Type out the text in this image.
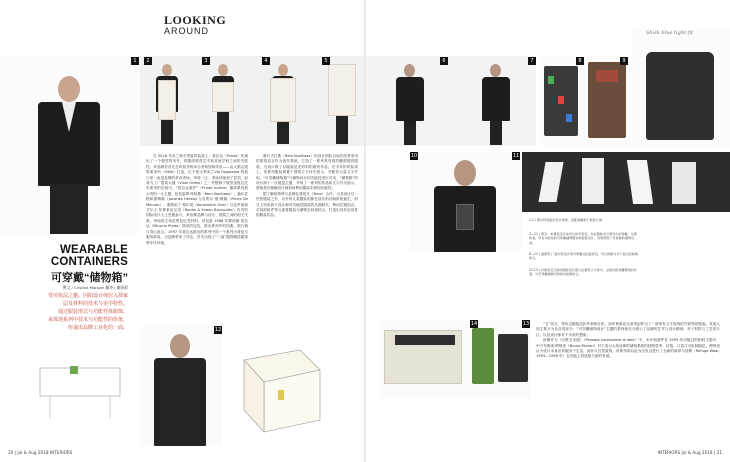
LOOKING
AROUND
1	2	3	4	5	6	7	8
Shisk blue tight-fit
9
10	11
12
13
14
WEARABLE
CONTAINERS
可穿戴“储物箱”
撰文 / Cristina Morozzi 翻译 / 谢丽群
受劳抚法之邀。因阳设计师居入揉家
层及材料的技术与美学特性。
通过服装形式与功能性体服饰，
来体现系列中技术与功能性的价值，
传递出品牌工业化的一面。

在 2018 年米兰秋冬男装时装周上，普拉达（Prada）传递出了一个强烈的讯号，即透面锥将艺术和其他学科之间的关联性。该品牌首首先在时装秀的举办者荷智和体验——由大都会建筑事务所（OMA）打造，位于意大利米兰Via Fogazzaro 的展厅里一直是品牌的常设秀场，华诺一区，秀场持续到了层顶，前身为工厂建筑大楼（Viale Ortles）之一并整修于展馆里组这艺术系列的空间中。“普拉达第护”（Prada Invites）邀请系列展示秀的一大主题，包括雷姆·库哈斯（Rem Koolhaas）、赫尔佐格和德梅隆（Jacques Herzog 与皮埃尔·德·梅隆（Pierre De Meuron）、康斯坦丁·格尔契（Konstantin Grcic）以及罗南和艾尔文·布鲁莱克兄弟（Ronan & Erwan Bouroullec）在内的国际设计人士受邀参与，来诠释品牌与设计、建筑之间的相关关系。秀场的主角是黑色尼龙材料，该包是 1988 年缪西娅·普拉达（Miuccia Prada）简单的包包，推出系列中的经典，旅行箱与背心组合。1997 年普拉达推出的系列中的一个系列为背包与服饰套装，为品牌带来了冲击，首次出现了“二战”服饰精选服饰等年代风格。

康尔古拉斯（Rem Koolhaas）的设计团队以他们经常采用的建筑语言作为创作基础，打造了一系列具有强烈雕塑感的服装；为设计做了以服装尼龙材料的系列作品。在今年的时装周上，该系列服装被置于建筑立方体中展示，并配有大量文字介绍。“可穿戴储物箱”与储物设计的功能性进行对话，“储物箱”的设计源于一次展览主题，并用了一系列的作品和文字作为展示，帮助我们理解设计师如何利用服装来展现功能性。

据了解哈特塔与品牌在康是凡（Bron）合作，为其设计过一件张服装之外，另外的几款服装则都在设计的初始阶段诞生，形式上则来源于设计师对功能性服装的长期研究，利用拉链扣合、可拆卸组件等元素将服装与储物空间相结合，打造出具有实用性的服装作品。

1,2 / 赛尔特利诺的设计效果，搭配卷帽套于展装衣饰。
3—11 / 研究：布鲁莱克兄弟设计的手套包，和在服装设计研究中的穿戴，从整体看，带有功能性的可穿戴储物服饰和套装设计，有效利用了可拆卸的储物空间。
6—11 / 康斯坦丁·格尔契设计的可穿戴式拉链背包，可以拆卸为多个独立的收纳单元。
12,13 / 布鲁莱克兄弟的服装设计展示在建筑立方体中，呈现出极具雕塑感的外观，与可穿戴储物空间的功能相结合。

“卫”风衣、带有尖帽装拉扣外套和针织，而布鲁莱克兄弟则创作出了一款带有文字装饰的外套等款服装。其他人则主要分为各自的部分：“可穿戴储物设计”主题的系列就充分展示了品牌的艺术与设计精神，对于材料与工艺的专注，以及设计师对于未来的想象。

致敬作为（宗教艺术展）（Pensare confondere le idee）中，米开朗基罗在 1993 年出版过的相同主题中，中兴布鲁诺·穆纳里（Bruno Munari）对于成为人体延伸的储物系统的独特思考：拉链、口袋与可拆卸隔层，穆纳里认为设计本身应该服务于生活，而非仅仅是装饰，该系列即以此为出发点进行了全新的演绎与诠释（Refuge Wear, 1993—1996 年）在功能上的延续与新的发展。

20 | Jul & Aug 2018 INTERIORS	INTERIORS Jul & Aug 2018 | 21
